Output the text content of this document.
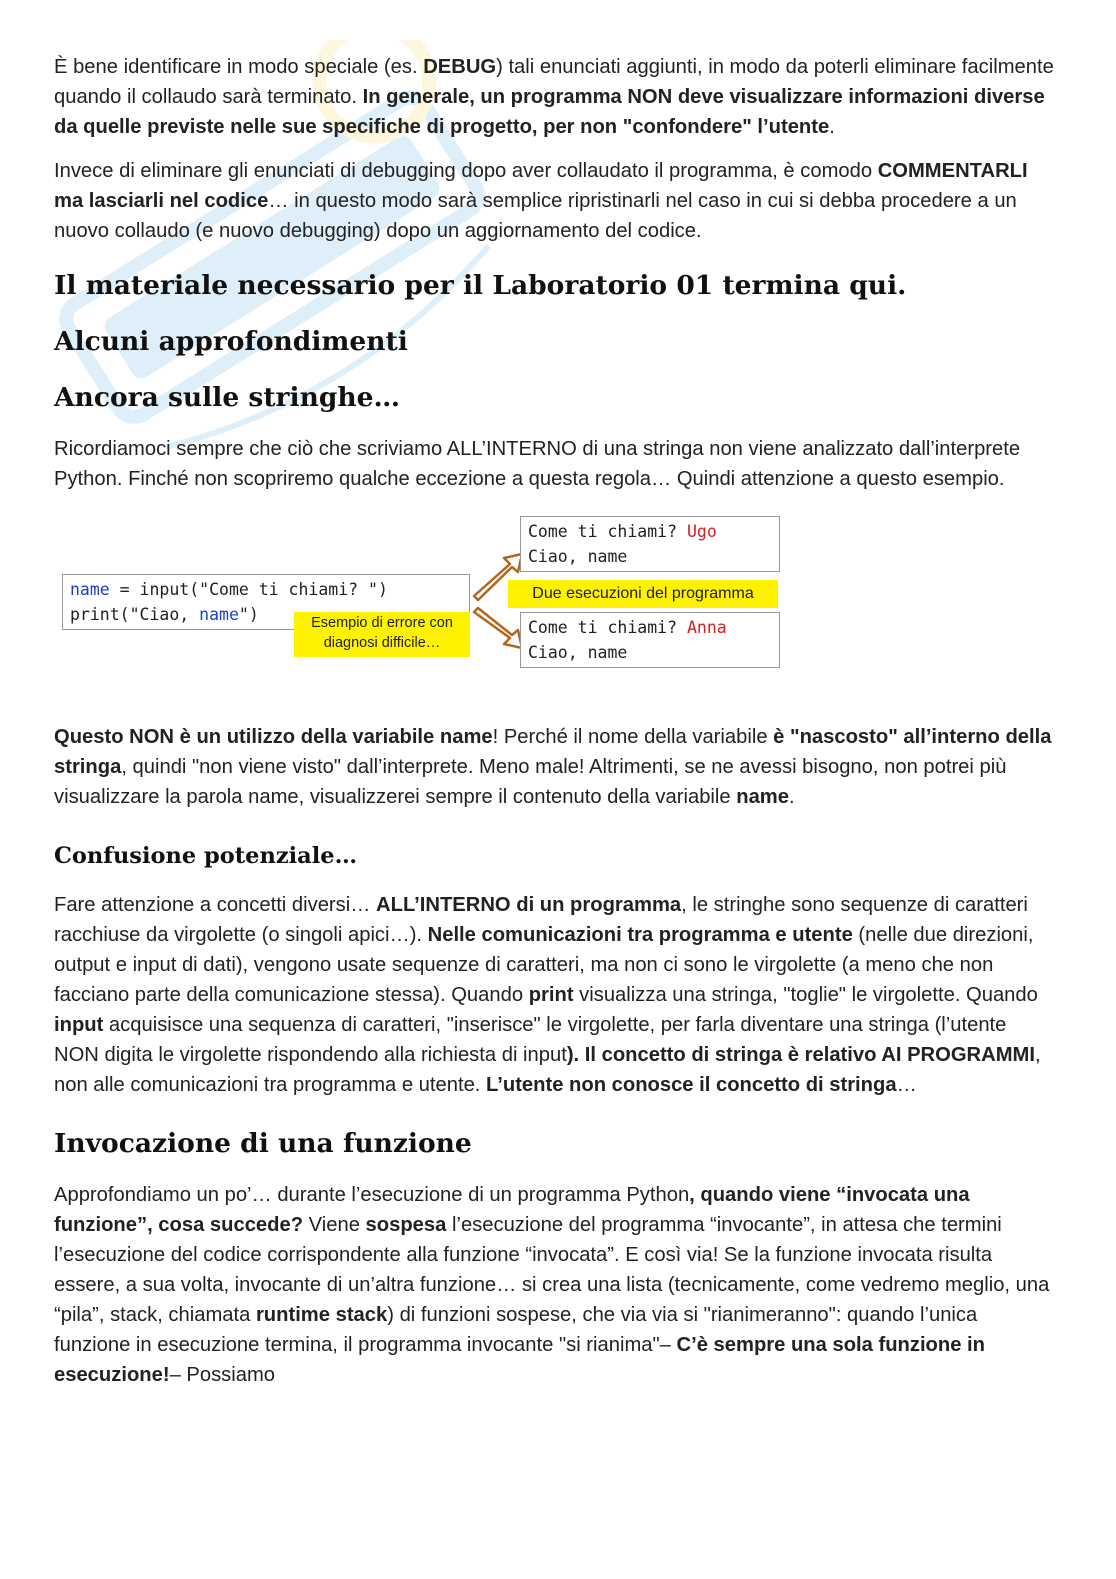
È bene identificare in modo speciale (es. DEBUG) tali enunciati aggiunti, in modo da poterli eliminare facilmente quando il collaudo sarà terminato. In generale, un programma NON deve visualizzare informazioni diverse da quelle previste nelle sue specifiche di progetto, per non "confondere" l’utente.

Invece di eliminare gli enunciati di debugging dopo aver collaudato il programma, è comodo COMMENTARLI ma lasciarli nel codice… in questo modo sarà semplice ripristinarli nel caso in cui si debba procedere a un nuovo collaudo (e nuovo debugging) dopo un aggiornamento del codice.

Il materiale necessario per il Laboratorio 01 termina qui.
Alcuni approfondimenti
Ancora sulle stringhe…

Ricordiamoci sempre che ciò che scriviamo ALL’INTERNO di una stringa non viene analizzato dall’interprete Python. Finché non scopriremo qualche eccezione a questa regola… Quindi attenzione a questo esempio.

name = input("Come ti chiami? ")
print("Ciao, name")	Esempio di errore con diagnosi difficile…
Come ti chiami? Ugo
Ciao, name
Due esecuzioni del programma
Come ti chiami? Anna
Ciao, name

Questo NON è un utilizzo della variabile name! Perché il nome della variabile è "nascosto" all’interno della stringa, quindi "non viene visto" dall’interprete. Meno male! Altrimenti, se ne avessi bisogno, non potrei più visualizzare la parola name, visualizzerei sempre il contenuto della variabile name.

Confusione potenziale…

Fare attenzione a concetti diversi… ALL’INTERNO di un programma, le stringhe sono sequenze di caratteri racchiuse da virgolette (o singoli apici…). Nelle comunicazioni tra programma e utente (nelle due direzioni, output e input di dati), vengono usate sequenze di caratteri, ma non ci sono le virgolette (a meno che non facciano parte della comunicazione stessa). Quando print visualizza una stringa, "toglie" le virgolette. Quando input acquisisce una sequenza di caratteri, "inserisce" le virgolette, per farla diventare una stringa (l’utente NON digita le virgolette rispondendo alla richiesta di input). Il concetto di stringa è relativo AI PROGRAMMI, non alle comunicazioni tra programma e utente. L’utente non conosce il concetto di stringa…

Invocazione di una funzione

Approfondiamo un po’… durante l’esecuzione di un programma Python, quando viene “invocata una funzione”, cosa succede? Viene sospesa l’esecuzione del programma “invocante”, in attesa che termini l’esecuzione del codice corrispondente alla funzione “invocata”. E così via! Se la funzione invocata risulta essere, a sua volta, invocante di un’altra funzione… si crea una lista (tecnicamente, come vedremo meglio, una “pila”, stack, chiamata runtime stack) di funzioni sospese, che via via si "rianimeranno": quando l’unica funzione in esecuzione termina, il programma invocante "si rianima"– C’è sempre una sola funzione in esecuzione!– Possiamo
